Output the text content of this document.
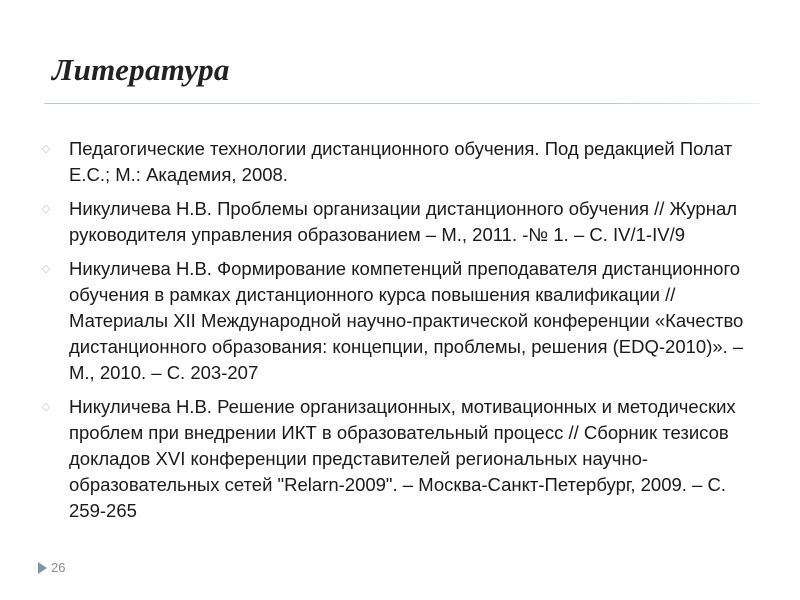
Литература
◇ Педагогические технологии дистанционного обучения. Под редакцией Полат Е.С.; М.: Академия, 2008.
◇ Никуличева Н.В. Проблемы организации дистанционного обучения // Журнал руководителя управления образованием – М., 2011. -№ 1. – С. IV/1-IV/9
◇ Никуличева Н.В. Формирование компетенций преподавателя дистанционного обучения в рамках дистанционного курса повышения квалификации // Материалы XII Международной научно-практической конференции «Качество дистанционного образования: концепции, проблемы, решения (EDQ-2010)». – М., 2010. – С. 203-207
◇ Никуличева Н.В. Решение организационных, мотивационных и методических проблем при внедрении ИКТ в образовательный процесс // Сборник тезисов докладов XVI конференции представителей региональных научно-образовательных сетей "Relarn-2009". – Москва-Санкт-Петербург, 2009. – С. 259-265
26
